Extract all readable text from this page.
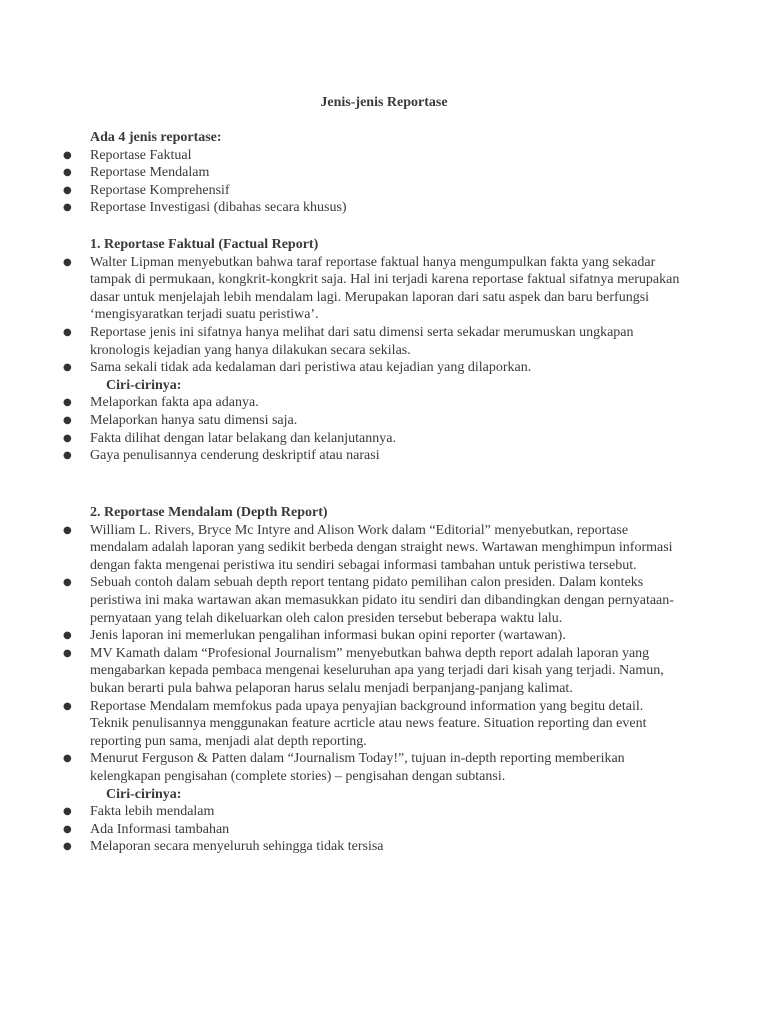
Jenis-jenis Reportase

Ada 4 jenis reportase:

● Reportase Faktual
● Reportase Mendalam
● Reportase Komprehensif
● Reportase Investigasi (dibahas secara khusus)

1. Reportase Faktual (Factual Report)

● Walter Lipman menyebutkan bahwa taraf reportase faktual hanya mengumpulkan fakta yang sekadar tampak di permukaan, kongkrit-kongkrit saja. Hal ini terjadi karena reportase faktual sifatnya merupakan dasar untuk menjelajah lebih mendalam lagi. Merupakan laporan dari satu aspek dan baru berfungsi ‘mengisyaratkan terjadi suatu peristiwa’.
● Reportase jenis ini sifatnya hanya melihat dari satu dimensi serta sekadar merumuskan ungkapan kronologis kejadian yang hanya dilakukan secara sekilas.
● Sama sekali tidak ada kedalaman dari peristiwa atau kejadian yang dilaporkan.

Ciri-cirinya:

● Melaporkan fakta apa adanya.
● Melaporkan hanya satu dimensi saja.
● Fakta dilihat dengan latar belakang dan kelanjutannya.
● Gaya penulisannya cenderung deskriptif atau narasi

2. Reportase Mendalam (Depth Report)

● William L. Rivers, Bryce Mc Intyre and Alison Work dalam “Editorial” menyebutkan, reportase mendalam adalah laporan yang sedikit berbeda dengan straight news. Wartawan menghimpun informasi dengan fakta mengenai peristiwa itu sendiri sebagai informasi tambahan untuk peristiwa tersebut.
● Sebuah contoh dalam sebuah depth report tentang pidato pemilihan calon presiden. Dalam konteks peristiwa ini maka wartawan akan memasukkan pidato itu sendiri dan dibandingkan dengan pernyataan-pernyataan yang telah dikeluarkan oleh calon presiden tersebut beberapa waktu lalu.
● Jenis laporan ini memerlukan pengalihan informasi bukan opini reporter (wartawan).
● MV Kamath dalam “Profesional Journalism” menyebutkan bahwa depth report adalah laporan yang mengabarkan kepada pembaca mengenai keseluruhan apa yang terjadi dari kisah yang terjadi. Namun, bukan berarti pula bahwa pelaporan harus selalu menjadi berpanjang-panjang kalimat.
● Reportase Mendalam memfokus pada upaya penyajian background information yang begitu detail. Teknik penulisannya menggunakan feature acrticle atau news feature. Situation reporting dan event reporting pun sama, menjadi alat depth reporting.
● Menurut Ferguson & Patten dalam “Journalism Today!”, tujuan in-depth reporting memberikan kelengkapan pengisahan (complete stories) – pengisahan dengan subtansi.

Ciri-cirinya:

● Fakta lebih mendalam
● Ada Informasi tambahan
● Melaporan secara menyeluruh sehingga tidak tersisa
